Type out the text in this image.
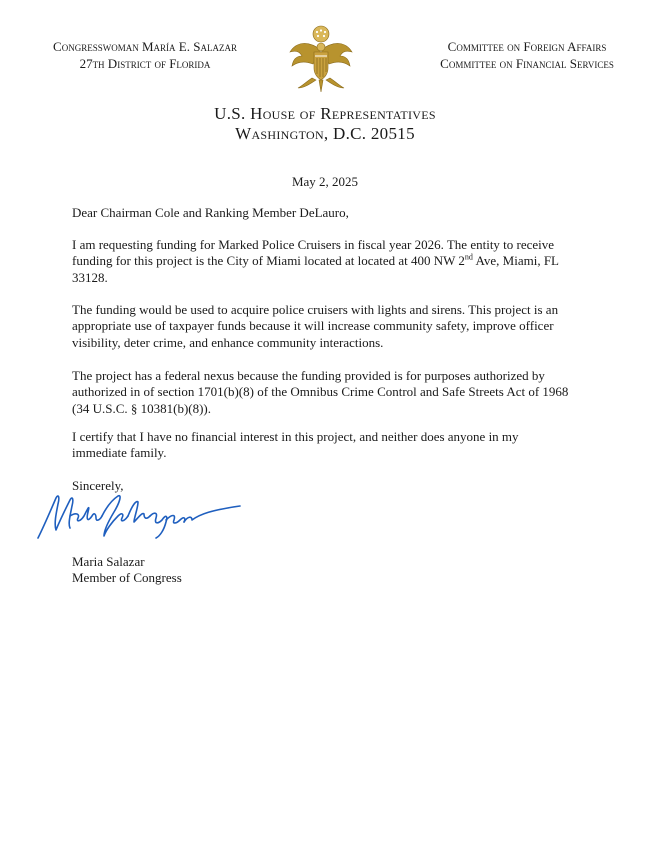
Congresswoman María E. Salazar
27th District of Florida
Committee on Foreign Affairs
Committee on Financial Services
U.S. House of Representatives
Washington, D.C. 20515
May 2, 2025
Dear Chairman Cole and Ranking Member DeLauro,
I am requesting funding for Marked Police Cruisers in fiscal year 2026. The entity to receive funding for this project is the City of Miami located at located at 400 NW 2nd Ave, Miami, FL 33128.
The funding would be used to acquire police cruisers with lights and sirens. This project is an appropriate use of taxpayer funds because it will increase community safety, improve officer visibility, deter crime, and enhance community interactions.
The project has a federal nexus because the funding provided is for purposes authorized by authorized in of section 1701(b)(8) of the Omnibus Crime Control and Safe Streets Act of 1968 (34 U.S.C. § 10381(b)(8)).
I certify that I have no financial interest in this project, and neither does anyone in my immediate family.
Sincerely,
Maria Salazar
Member of Congress
